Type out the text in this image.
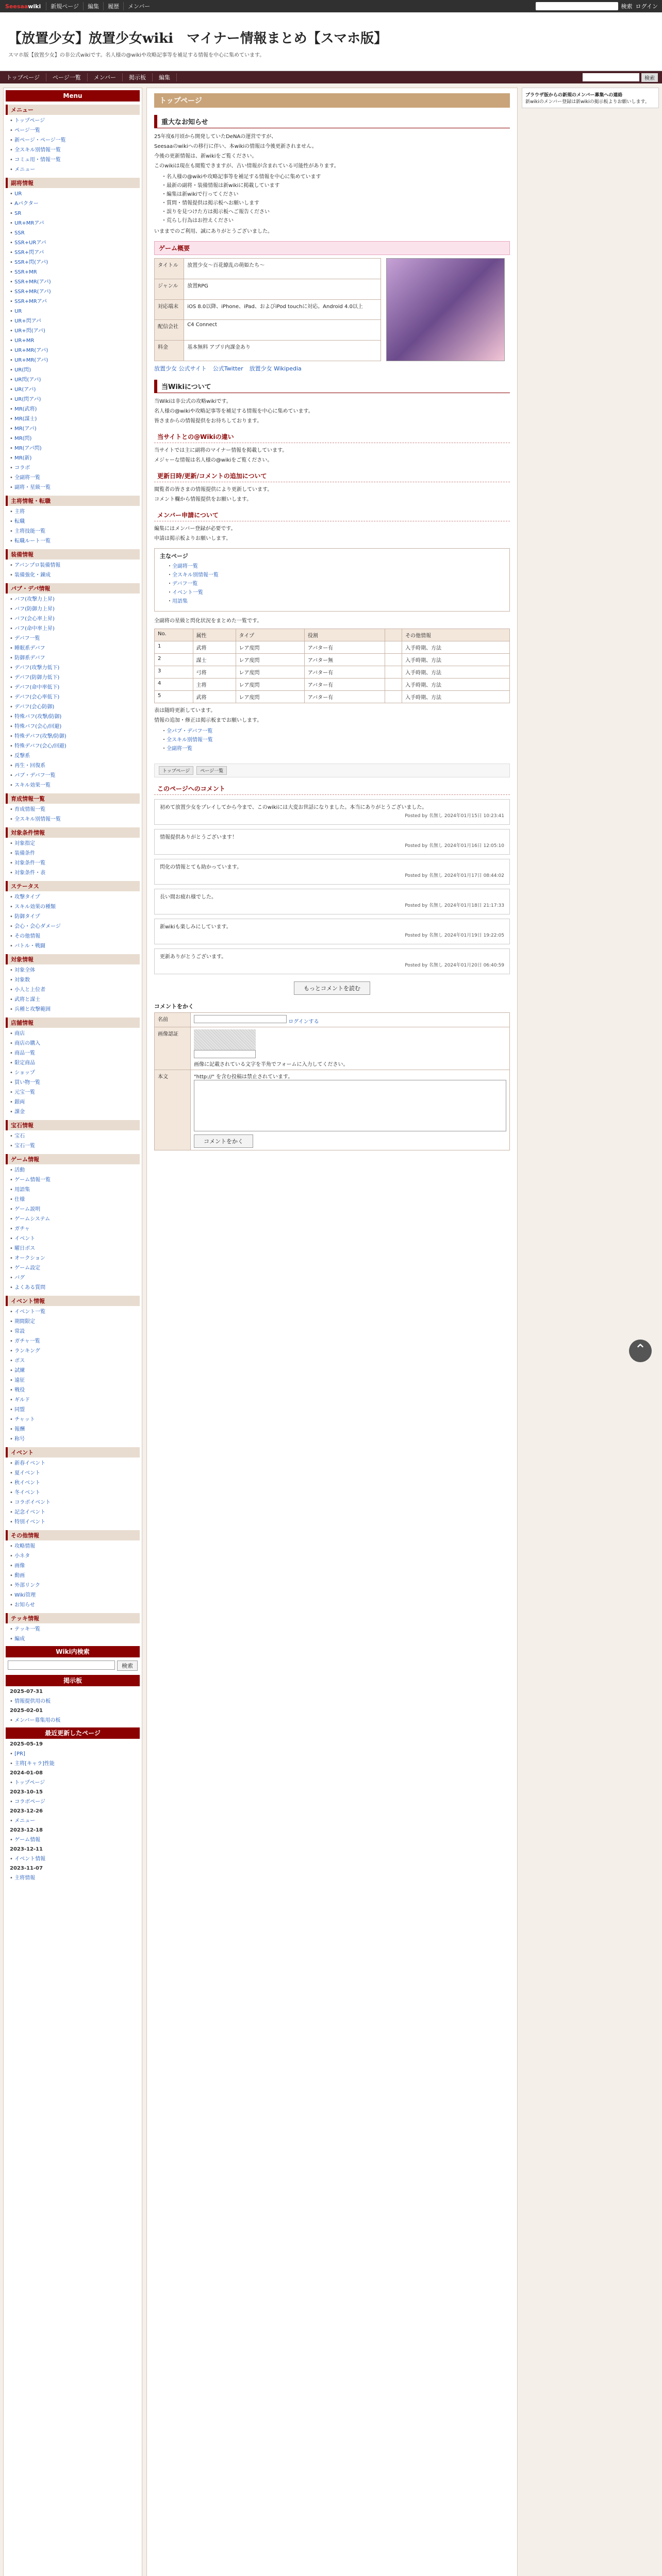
Seesaawiki	新規ページ	編集	履歴	メンバー	検索 ログイン
【放置少女】放置少女wiki　マイナー情報まとめ【スマホ版】
スマホ版【放置少女】の非公式wikiです。名人様の@wikiや攻略記事等を補足する情報を中心に集めています。
トップページ	ページ一覧	メンバー	掲示板	編集	検索
Menu
メニュー
• トップページ
• ページ一覧
• 新ページ・ページ一覧
• 全スキル別情報一覧
• コミュ用・情報一覧
• メニュー
副将情報
• UR
• Aパクター
• SR
• UR+MRアパ
• SSR
• SSR+URアパ
• SSR+閃アパ
• SSR+閃(アパ)
• SSR+MR
• SSR+MR(アパ)
• SSR+MR(アパ)
• SSR+MRアパ
• UR
• UR+閃アパ
• UR+閃(アパ)
• UR+MR
• UR+MR(アパ)
• UR+MR(アパ)
• UR(閃)
• UR閃(アパ)
• UR(アパ)
• UR(閃アパ)
• MR(武将)
• MR(謀士)
• MR(アパ)
• MR(閃)
• MR(アパ閃)
• MR(新)
• コラボ
• 全副将一覧
• 副将・星級一覧
主将情報・転職
• 主将
• 転職
• 主将技能一覧
• 転職ルート一覧
装備情報
• アバンプロ装備情報
• 装備強化・錬成
パブ・デパ情報
• バフ(攻撃力上昇)
• バフ(防御力上昇)
• バフ(会心率上昇)
• バフ(命中率上昇)
• デバフ一覧
• 睡眠系デバフ
• 防御系デバフ
• デバフ(攻撃力低下)
• デバフ(防御力低下)
• デバフ(命中率低下)
• デバフ(会心率低下)
• デバフ(会心防御)
• 特殊バフ(攻撃/防御)
• 特殊バフ(会心/回避)
• 特殊デバフ(攻撃/防御)
• 特殊デバフ(会心/回避)
• 反撃系
• 再生・回復系
• パブ・デバフ一覧
• スキル効果一覧
育成情報一覧
• 育成情報一覧
• 全スキル別情報一覧
対象条件情報
• 対象指定
• 装備条件
• 対象条件一覧
• 対象条件・表
ステータス
• 攻撃タイプ
• スキル効果の種類
• 防御タイプ
• 会心・会心ダメージ
• その他情報
• バトル・戦闘
対象情報
• 対象全体
• 対象数
• 小人と上位者
• 武将と謀士
• 兵種と攻撃範囲
店舗情報
• 商店
• 商店の購入
• 商品一覧
• 限定商品
• ショップ
• 買い物一覧
• 元宝一覧
• 銀両
• 課金
宝石情報
• 宝石
• 宝石一覧
ゲーム情報
• 活動
• ゲーム情報一覧
• 用語集
• 仕様
• ゲーム説明
• ゲームシステム
• ガチャ
• イベント
• 曜日ボス
• オークション
• ゲーム設定
• バグ
• よくある質問
イベント情報
• イベント一覧
• 期間限定
• 常設
• ガチャ一覧
• ランキング
• ボス
• 試練
• 遠征
• 戦役
• ギルド
• 同盟
• チャット
• 報酬
• 称号
イベント
• 新春イベント
• 夏イベント
• 秋イベント
• 冬イベント
• コラボイベント
• 記念イベント
• 特別イベント
その他情報
• 攻略情報
• 小ネタ
• 画像
• 動画
• 外部リンク
• Wiki管理
• お知らせ
テッキ情報
• テッキ一覧
• 編成
Wiki内検索
検索
掲示板
2025-07-31
• 情報提供用の板
2025-02-01
• メンバー募集用の板
最近更新したページ
2025-05-19
• [PR]
• 主将[キャラ]性能
2024-01-08
• トップページ
2023-10-15
• コラボページ
2023-12-26
• メニュー
2023-12-18
• ゲーム情報
2023-12-11
• イベント情報
2023-11-07
• 主将情報
トップページ
重大なお知らせ
25年度6月頃から開発していたDeNAの運営ですが、
Seesaaのwikiへの移行に伴い、本wikiの情報は今後更新されません。
今後の更新情報は、新wikiをご覧ください。
このwikiは現在も閲覧できますが、古い情報が含まれている可能性があります。
・ 名人様の@wikiや攻略記事等を補足する情報を中心に集めています
・ 最新の副将・装備情報は新wikiに掲載しています
・ 編集は新wikiで行ってください
・ 質問・情報提供は掲示板へお願いします
・ 誤りを見つけた方は掲示板へご報告ください
・ 荒らし行為はお控えください
いままでのご利用、誠にありがとうございました。
ゲーム概要
タイトル	放置少女～百花繚乱の萌姫たち～
ジャンル	放置RPG
対応端末	iOS 8.0以降、iPhone、iPad、およびiPod touchに対応。Android 4.0以上
配信会社	C4 Connect
料金	基本無料 アプリ内課金あり
放置少女 公式サイト 公式Twitter 放置少女 Wikipedia
当Wikiについて
当Wikiは非公式の攻略wikiです。
名人様の@wikiや攻略記事等を補足する情報を中心に集めています。
皆さまからの情報提供をお待ちしております。
当サイトとの@Wikiの違い
当サイトでは主に副将のマイナー情報を掲載しています。
メジャーな情報は名人様の@wikiをご覧ください。
更新日時/更新/コメントの追加について
閲覧者の皆さまの情報提供により更新しています。
コメント欄から情報提供をお願いします。
メンバー申請について
編集にはメンバー登録が必要です。
申請は掲示板よりお願いします。
主なページ
・ 全副将一覧
・ 全スキル別情報一覧
・ デバフ一覧
・ イベント一覧
・ 用語集
全副将の星級と閃化状況をまとめた一覧です。
No.	属性	タイプ	役割		その他情報
1	武将	レア度閃	アバター有		入手時期、方法
2	謀士	レア度閃	アバター無		入手時期、方法
3	弓将	レア度閃	アバター有		入手時期、方法
4	主将	レア度閃	アバター有		入手時期、方法
5	武将	レア度閃	アバター有		入手時期、方法
表は随時更新しています。
情報の追加・修正は掲示板までお願いします。
・ 全パブ・デバフ一覧
・ 全スキル別情報一覧
・ 全副将一覧
トップページ ページ一覧
このページへのコメント
初めて放置少女をプレイしてから今まで、このwikiには大変お世話になりました。本当にありがとうございました。
Posted by 名無し 2024年01月15日 10:23:41
情報提供ありがとうございます！
Posted by 名無し 2024年01月16日 12:05:10
閃化の情報とても助かっています。
Posted by 名無し 2024年01月17日 08:44:02
長い間お疲れ様でした。
Posted by 名無し 2024年01月18日 21:17:33
新wikiも楽しみにしています。
Posted by 名無し 2024年01月19日 19:22:05
更新ありがとうございます。
Posted by 名無し 2024年01月20日 06:40:59
もっとコメントを読む
コメントをかく
名前	ログインする
画像認証	画像に記載されている文字を半角でフォームに入力してください。

本文	"http://" を含む投稿は禁止されています。
コメントをかく
ブラウザ版からの新規のメンバー募集への連絡
新wikiのメンバー登録は新wikiの掲示板よりお願いします。
⌃
